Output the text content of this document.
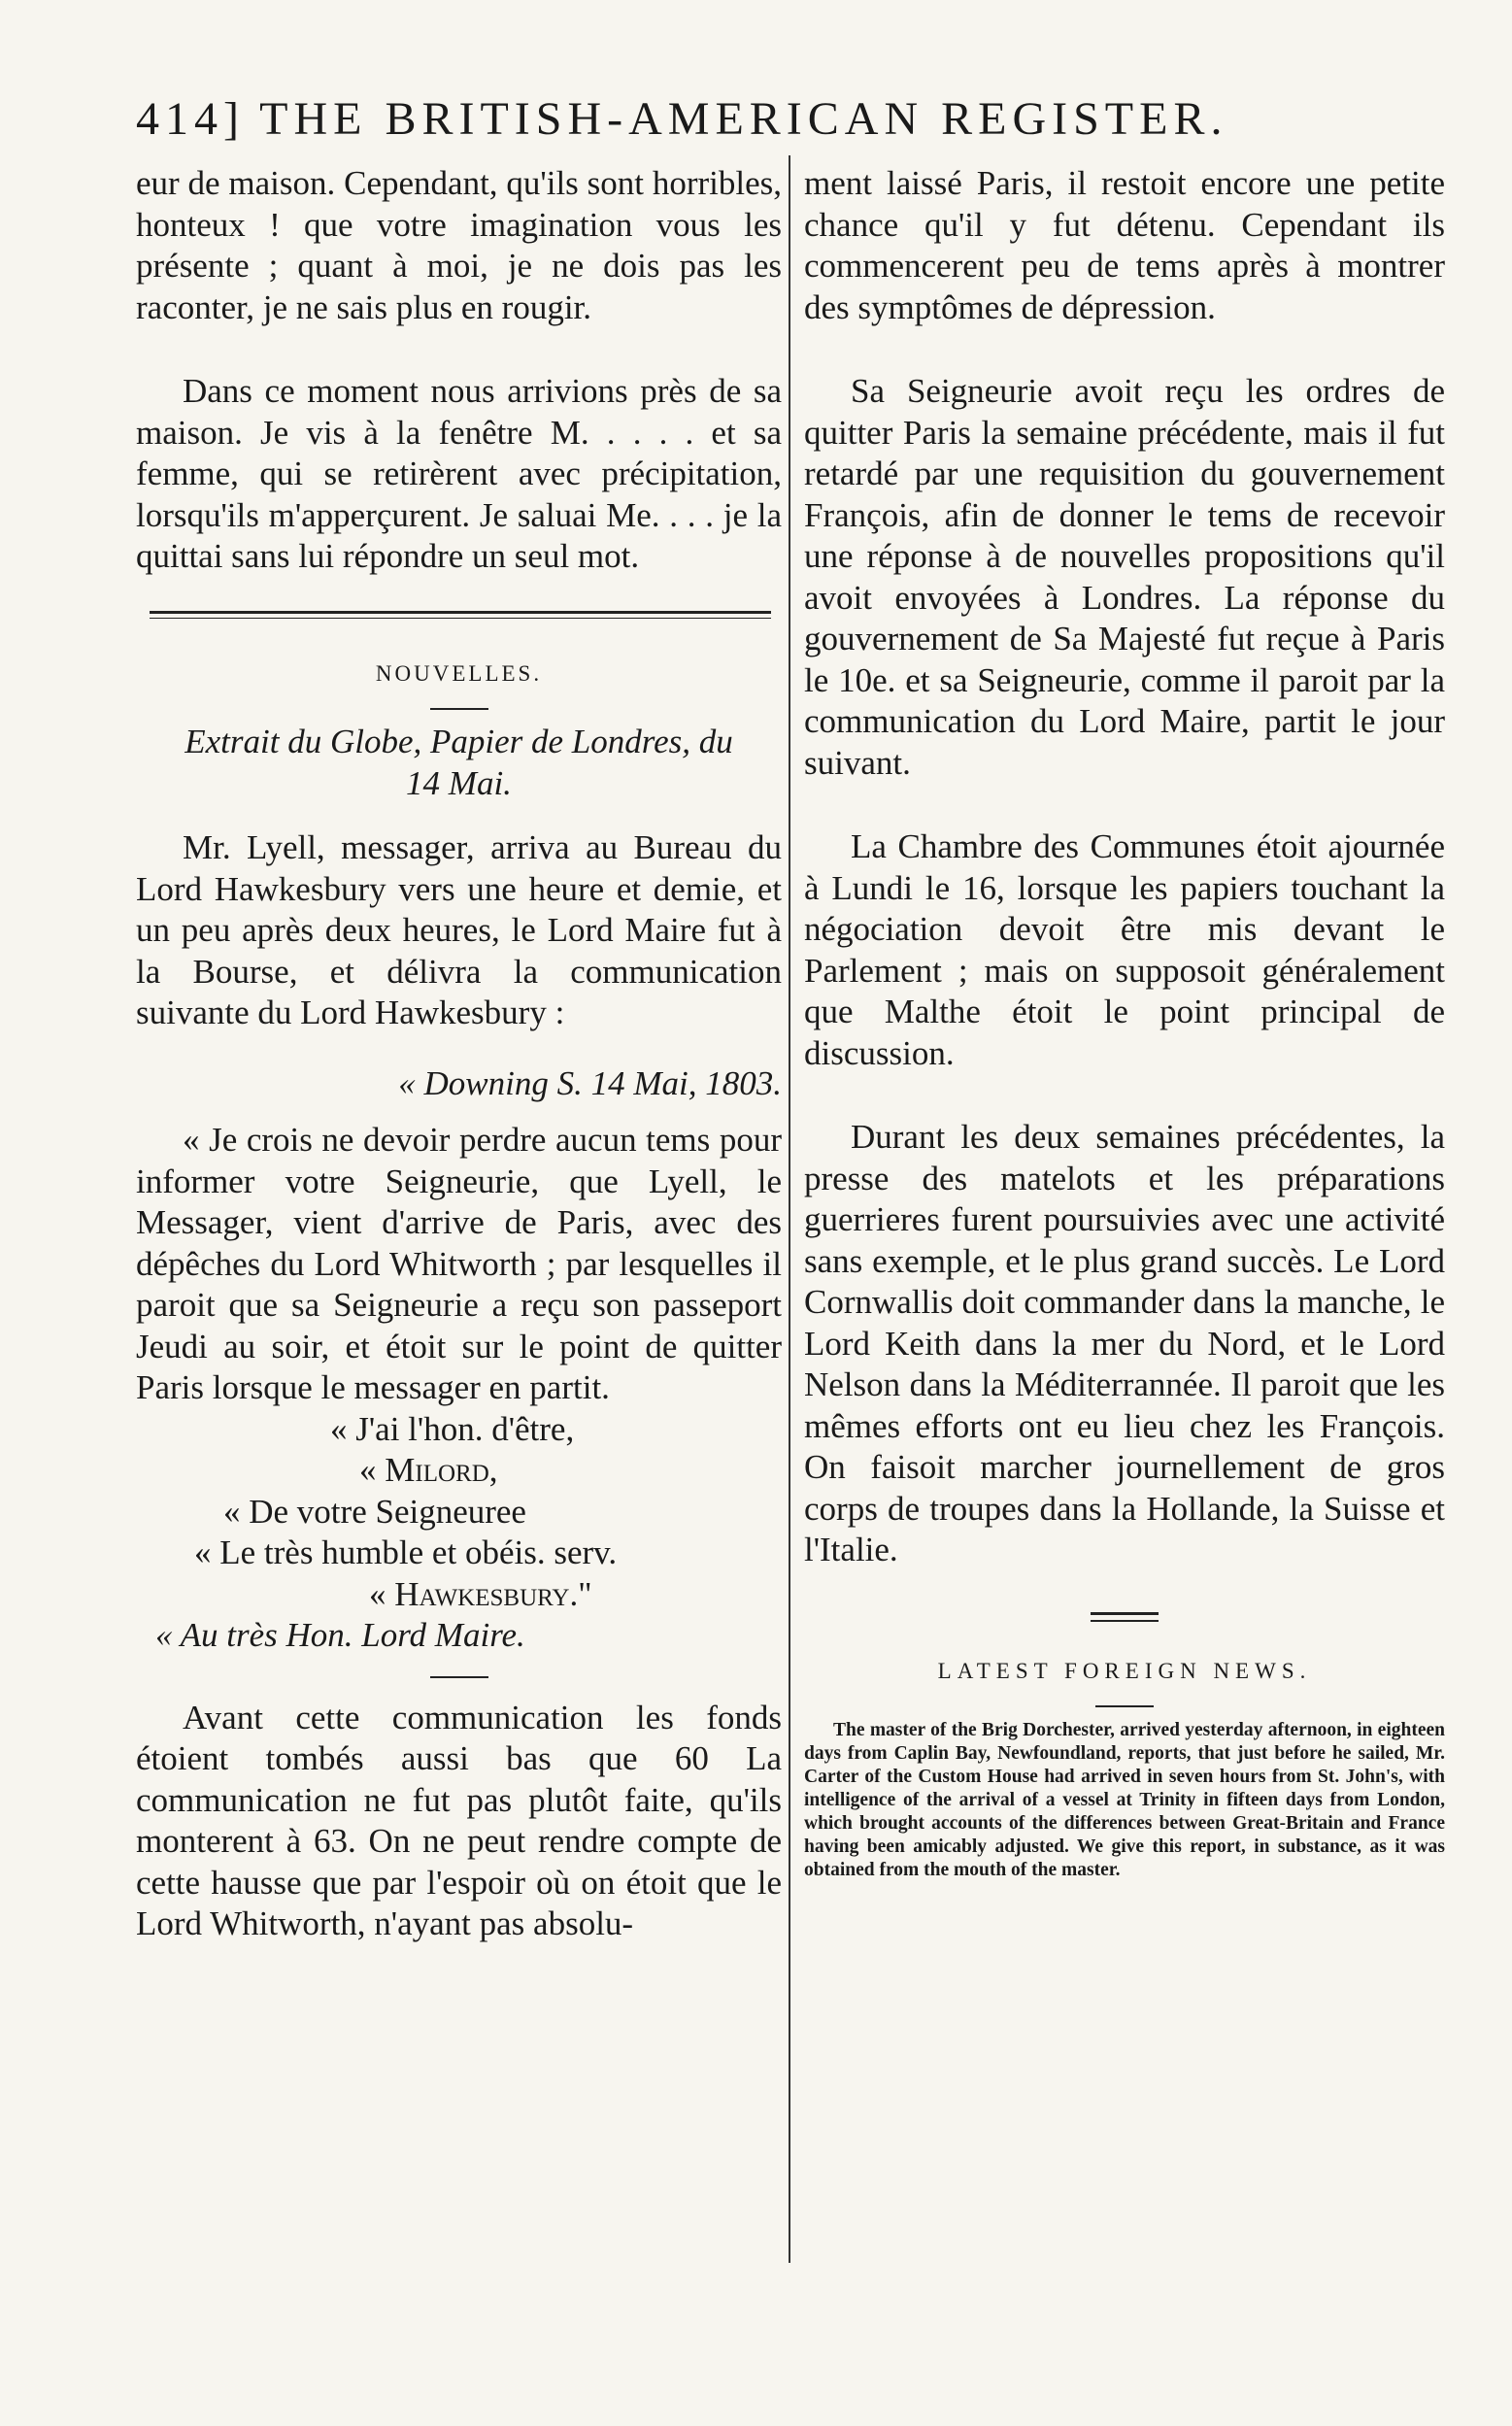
414] THE BRITISH-AMERICAN REGISTER.

eur de maison. Cependant, qu'ils sont horribles, honteux ! que votre imagination vous les présente ; quant à moi, je ne dois pas les raconter, je ne sais plus en rougir.

Dans ce moment nous arrivions près de sa maison. Je vis à la fenêtre M. . . . . et sa femme, qui se retirèrent avec précipitation, lorsqu'ils m'apperçurent. Je saluai Me. . . . je la quittai sans lui répondre un seul mot.

NOUVELLES.

Extrait du Globe, Papier de Londres, du 14 Mai.

Mr. Lyell, messager, arriva au Bureau du Lord Hawkesbury vers une heure et demie, et un peu après deux heures, le Lord Maire fut à la Bourse, et délivra la communication suivante du Lord Hawkesbury :

« Downing S. 14 Mai, 1803.

« Je crois ne devoir perdre aucun tems pour informer votre Seigneurie, que Lyell, le Messager, vient d'arrive de Paris, avec des dépêches du Lord Whitworth ; par lesquelles il paroit que sa Seigneurie a reçu son passeport Jeudi au soir, et étoit sur le point de quitter Paris lorsque le messager en partit.

« J'ai l'hon. d'être,

« Milord,

« De votre Seigneuree

« Le très humble et obéis. serv.

« Hawkesbury."

« Au très Hon. Lord Maire.

Avant cette communication les fonds étoient tombés aussi bas que 60 La communication ne fut pas plutôt faite, qu'ils monterent à 63. On ne peut rendre compte de cette hausse que par l'espoir où on étoit que le Lord Whitworth, n'ayant pas absolu-

ment laissé Paris, il restoit encore une petite chance qu'il y fut détenu. Cependant ils commencerent peu de tems après à montrer des symptômes de dépression.

Sa Seigneurie avoit reçu les ordres de quitter Paris la semaine précédente, mais il fut retardé par une requisition du gouvernement François, afin de donner le tems de recevoir une réponse à de nouvelles propositions qu'il avoit envoyées à Londres. La réponse du gouvernement de Sa Majesté fut reçue à Paris le 10e. et sa Seigneurie, comme il paroit par la communication du Lord Maire, partit le jour suivant.

La Chambre des Communes étoit ajournée à Lundi le 16, lorsque les papiers touchant la négociation devoit être mis devant le Parlement ; mais on supposoit généralement que Malthe étoit le point principal de discussion.

Durant les deux semaines précédentes, la presse des matelots et les préparations guerrieres furent poursuivies avec une activité sans exemple, et le plus grand succès. Le Lord Cornwallis doit commander dans la manche, le Lord Keith dans la mer du Nord, et le Lord Nelson dans la Méditerrannée. Il paroit que les mêmes efforts ont eu lieu chez les François. On faisoit marcher journellement de gros corps de troupes dans la Hollande, la Suisse et l'Italie.

LATEST FOREIGN NEWS.

The master of the Brig Dorchester, arrived yesterday afternoon, in eighteen days from Caplin Bay, Newfoundland, reports, that just before he sailed, Mr. Carter of the Custom House had arrived in seven hours from St. John's, with intelligence of the arrival of a vessel at Trinity in fifteen days from London, which brought accounts of the differences between Great-Britain and France having been amicably adjusted. We give this report, in substance, as it was obtained from the mouth of the master.
